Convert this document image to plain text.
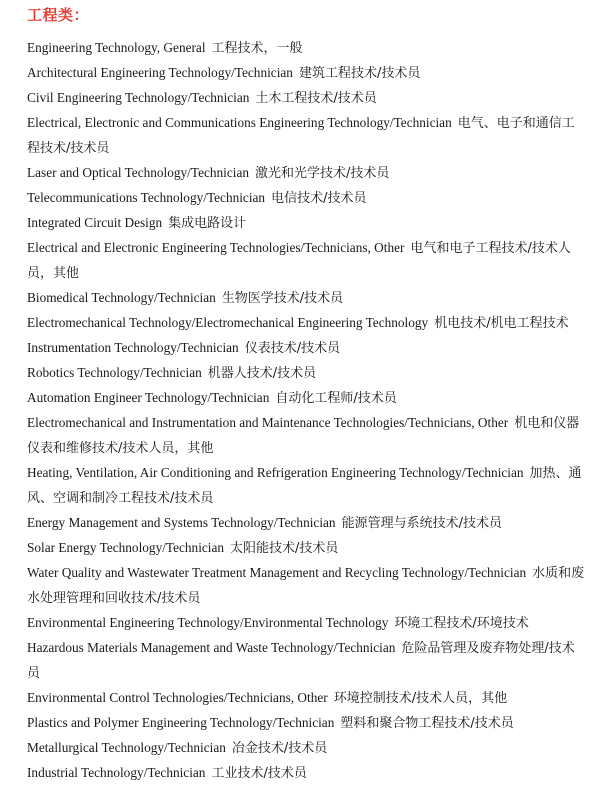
工程类：
Engineering Technology, General 工程技术，一般
Architectural Engineering Technology/Technician 建筑工程技术/技术员
Civil Engineering Technology/Technician 土木工程技术/技术员
Electrical, Electronic and Communications Engineering Technology/Technician 电气、电子和通信工程技术/技术员
Laser and Optical Technology/Technician 激光和光学技术/技术员
Telecommunications Technology/Technician 电信技术/技术员
Integrated Circuit Design 集成电路设计
Electrical and Electronic Engineering Technologies/Technicians, Other 电气和电子工程技术/技术人员，其他
Biomedical Technology/Technician 生物医学技术/技术员
Electromechanical Technology/Electromechanical Engineering Technology 机电技术/机电工程技术
Instrumentation Technology/Technician 仪表技术/技术员
Robotics Technology/Technician 机器人技术/技术员
Automation Engineer Technology/Technician 自动化工程师/技术员
Electromechanical and Instrumentation and Maintenance Technologies/Technicians, Other 机电和仪器仪表和维修技术/技术人员，其他
Heating, Ventilation, Air Conditioning and Refrigeration Engineering Technology/Technician 加热、通风、空调和制冷工程技术/技术员
Energy Management and Systems Technology/Technician 能源管理与系统技术/技术员
Solar Energy Technology/Technician 太阳能技术/技术员
Water Quality and Wastewater Treatment Management and Recycling Technology/Technician 水质和废水处理管理和回收技术/技术员
Environmental Engineering Technology/Environmental Technology 环境工程技术/环境技术
Hazardous Materials Management and Waste Technology/Technician 危险品管理及废弃物处理/技术员
Environmental Control Technologies/Technicians, Other 环境控制技术/技术人员，其他
Plastics and Polymer Engineering Technology/Technician 塑料和聚合物工程技术/技术员
Metallurgical Technology/Technician 冶金技术/技术员
Industrial Technology/Technician 工业技术/技术员
